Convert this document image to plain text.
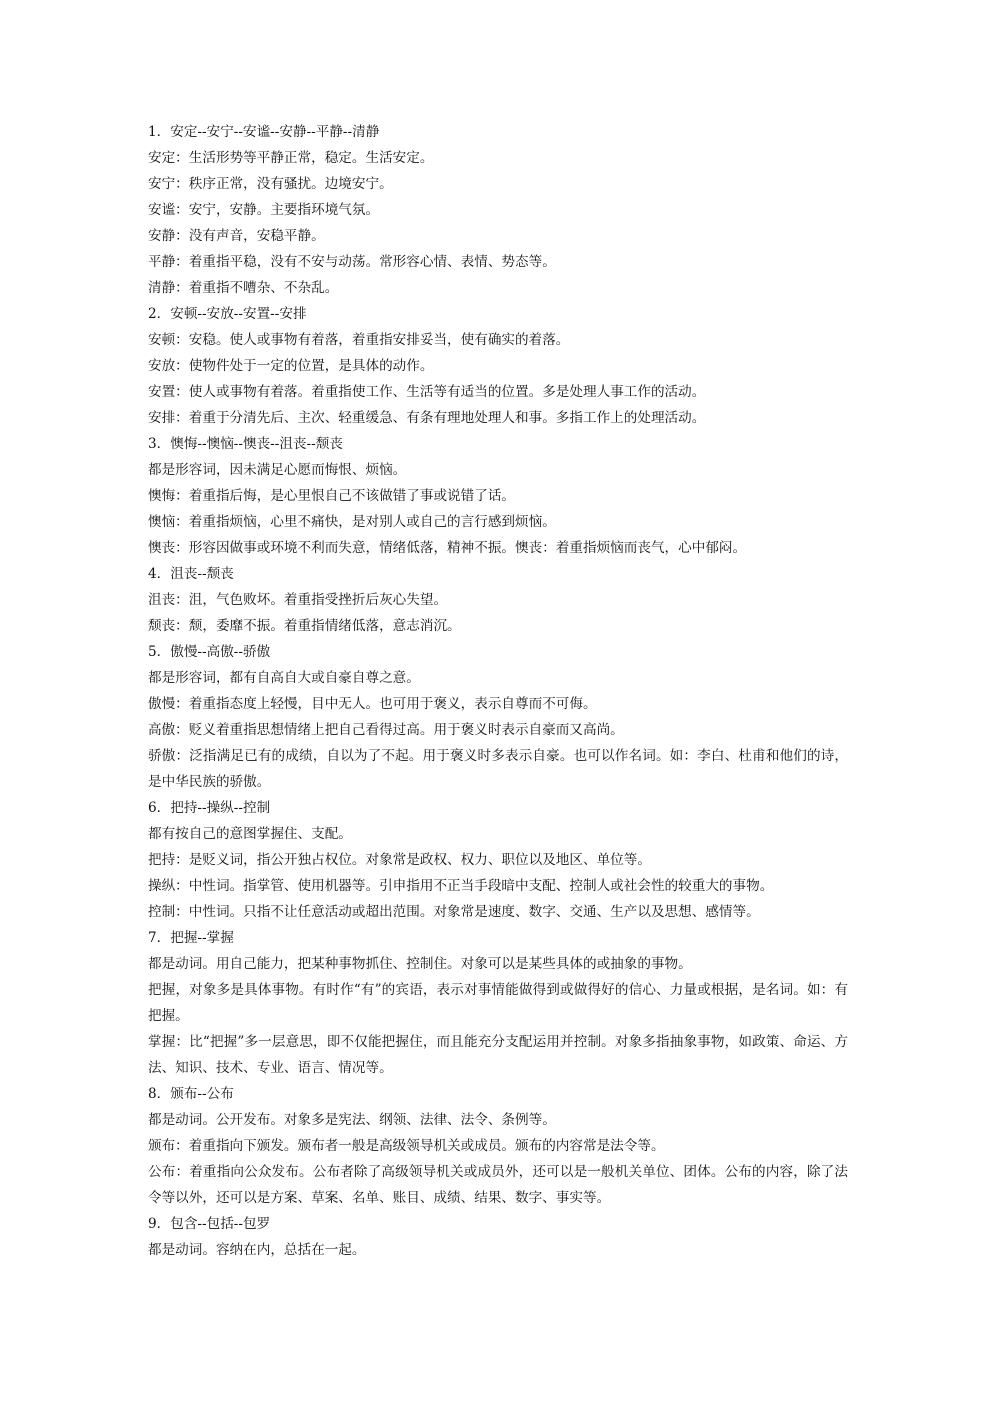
1．安定--安宁--安谧--安静--平静--清静
安定：生活形势等平静正常，稳定。生活安定。
安宁：秩序正常，没有骚扰。边境安宁。
安谧：安宁，安静。主要指环境气氛。
安静：没有声音，安稳平静。
平静：着重指平稳，没有不安与动荡。常形容心情、表情、势态等。
清静：着重指不嘈杂、不杂乱。
2．安顿--安放--安置--安排
安顿：安稳。使人或事物有着落，着重指安排妥当，使有确实的着落。
安放：使物件处于一定的位置，是具体的动作。
安置：使人或事物有着落。着重指使工作、生活等有适当的位置。多是处理人事工作的活动。
安排：着重于分清先后、主次、轻重缓急、有条有理地处理人和事。多指工作上的处理活动。
3．懊悔--懊恼--懊丧--沮丧--颓丧
都是形容词，因未满足心愿而悔恨、烦恼。
懊悔：着重指后悔，是心里恨自己不该做错了事或说错了话。
懊恼：着重指烦恼，心里不痛快，是对别人或自己的言行感到烦恼。
懊丧：形容因做事或环境不利而失意，情绪低落，精神不振。懊丧：着重指烦恼而丧气，心中郁闷。
4．沮丧--颓丧
沮丧：沮，气色败坏。着重指受挫折后灰心失望。
颓丧：颓，委靡不振。着重指情绪低落，意志消沉。
5．傲慢--高傲--骄傲
都是形容词，都有自高自大或自豪自尊之意。
傲慢：着重指态度上轻慢，目中无人。也可用于褒义，表示自尊而不可侮。
高傲：贬义着重指思想情绪上把自己看得过高。用于褒义时表示自豪而又高尚。
骄傲：泛指满足已有的成绩，自以为了不起。用于褒义时多表示自豪。也可以作名词。如：李白、杜甫和他们的诗，是中华民族的骄傲。
6．把持--操纵--控制
都有按自己的意图掌握住、支配。
把持：是贬义词，指公开独占权位。对象常是政权、权力、职位以及地区、单位等。
操纵：中性词。指掌管、使用机器等。引申指用不正当手段暗中支配、控制人或社会性的较重大的事物。
控制：中性词。只指不让任意活动或超出范围。对象常是速度、数字、交通、生产以及思想、感情等。
7．把握--掌握
都是动词。用自己能力，把某种事物抓住、控制住。对象可以是某些具体的或抽象的事物。
把握，对象多是具体事物。有时作“有”的宾语，表示对事情能做得到或做得好的信心、力量或根据，是名词。如：有把握。
掌握：比“把握”多一层意思，即不仅能把握住，而且能充分支配运用并控制。对象多指抽象事物，如政策、命运、方法、知识、技术、专业、语言、情况等。
8．颁布--公布
都是动词。公开发布。对象多是宪法、纲领、法律、法令、条例等。
颁布：着重指向下颁发。颁布者一般是高级领导机关或成员。颁布的内容常是法令等。
公布：着重指向公众发布。公布者除了高级领导机关或成员外，还可以是一般机关单位、团体。公布的内容，除了法令等以外，还可以是方案、草案、名单、账目、成绩、结果、数字、事实等。
9．包含--包括--包罗
都是动词。容纳在内，总括在一起。
